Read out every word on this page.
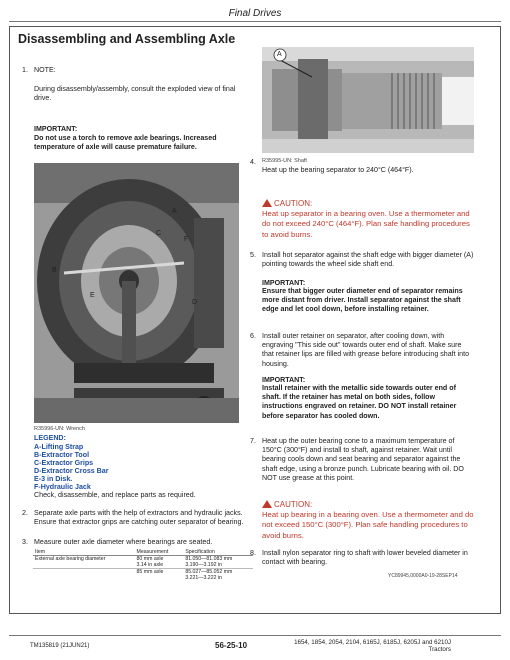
Final Drives
Disassembling and Assembling Axle
1. NOTE:
During disassembly/assembly, consult the exploded view of final drive.
IMPORTANT:
Do not use a torch to remove axle bearings. Increased temperature of axle will cause premature failure.
A
B
C
D
E
F
R35996-UN: Wrench
LEGEND:
A-Lifting Strap
B-Extractor Tool
C-Extractor Grips
D-Extractor Cross Bar
E-3 in Disk.
F-Hydraulic Jack
Check, disassemble, and replace parts as required.
2. Separate axle parts with the help of extractors and hydraulic jacks. Ensure that extractor grips are catching outer separator of bearing.
3. Measure outer axle diameter where bearings are seated.
Item	Measurement	Specification
External axle bearing diameter	80 mm axle	81.050—81.083 mm
	3.14 in axle	3.190—3.192 in
	85 mm axle	85.027—85.052 mm
		3.221—3.222 in
A
4. R35995-UN: Shaft
Heat up the bearing separator to 240°C (464°F).
CAUTION:
Heat up separator in a bearing oven. Use a thermometer and do not exceed 240°C (464°F). Plan safe handling procedures to avoid burns.
5. Install hot separator against the shaft edge with bigger diameter (A) pointing towards the wheel side shaft end.
IMPORTANT:
Ensure that bigger outer diameter end of separator remains more distant from driver. Install separator against the shaft edge and let cool down, before installing retainer.
6. Install outer retainer on separator, after cooling down, with engraving "This side out" towards outer end of shaft. Make sure that retainer lips are filled with grease before introducing shaft into housing.
IMPORTANT:
Install retainer with the metallic side towards outer end of shaft. If the retainer has metal on both sides, follow instructions engraved on retainer. DO NOT install retainer before separator has cooled down.
7. Heat up the outer bearing cone to a maximum temperature of 150°C (300°F) and install to shaft, against retainer. Wait until bearing cools down and seat bearing and separator against the shaft edge, using a bronze punch. Lubricate bearing with oil. DO NOT use grease at this point.
CAUTION:
Heat up bearing in a bearing oven. Use a thermometer and do not exceed 150°C (300°F). Plan safe handling procedures to avoid burns.
8. Install nylon separator ring to shaft with lower beveled diameter in contact with bearing.
YC89945,0000A0-19-28SEP14
TM135819 (21JUN21)	56-25-10	1654, 1854, 2054, 2104, 6165J, 6185J, 6205J and 6210J
Tractors
